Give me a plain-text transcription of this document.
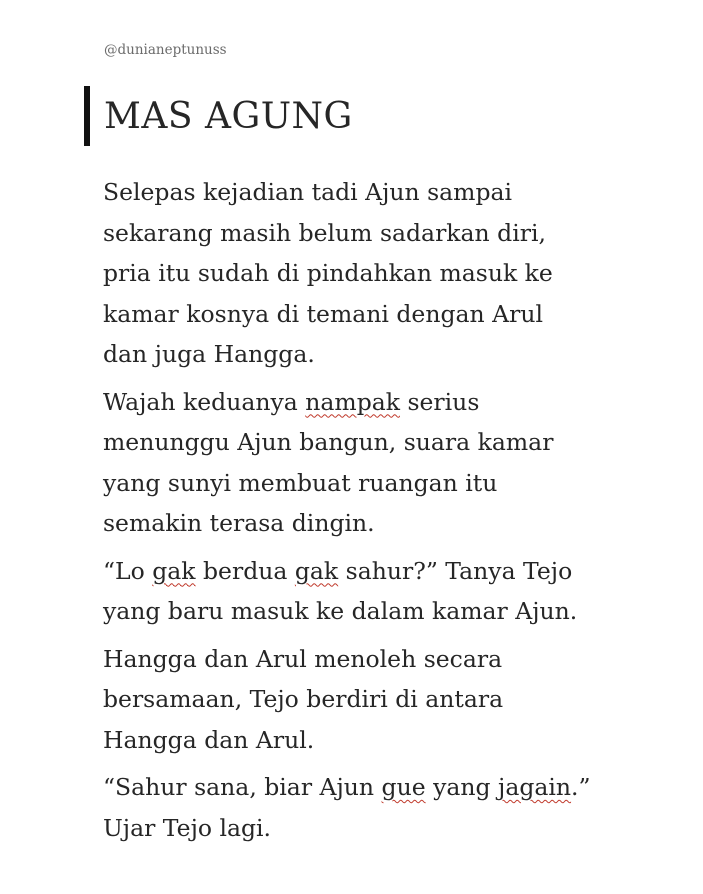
@dunianeptunuss
MAS AGUNG
Selepas kejadian tadi Ajun sampai
sekarang masih belum sadarkan diri,
pria itu sudah di pindahkan masuk ke
kamar kosnya di temani dengan Arul
dan juga Hangga.
Wajah keduanya nampak serius
menunggu Ajun bangun, suara kamar
yang sunyi membuat ruangan itu
semakin terasa dingin.
“Lo gak berdua gak sahur?” Tanya Tejo
yang baru masuk ke dalam kamar Ajun.
Hangga dan Arul menoleh secara
bersamaan, Tejo berdiri di antara
Hangga dan Arul.
“Sahur sana, biar Ajun gue yang jagain.”
Ujar Tejo lagi.
